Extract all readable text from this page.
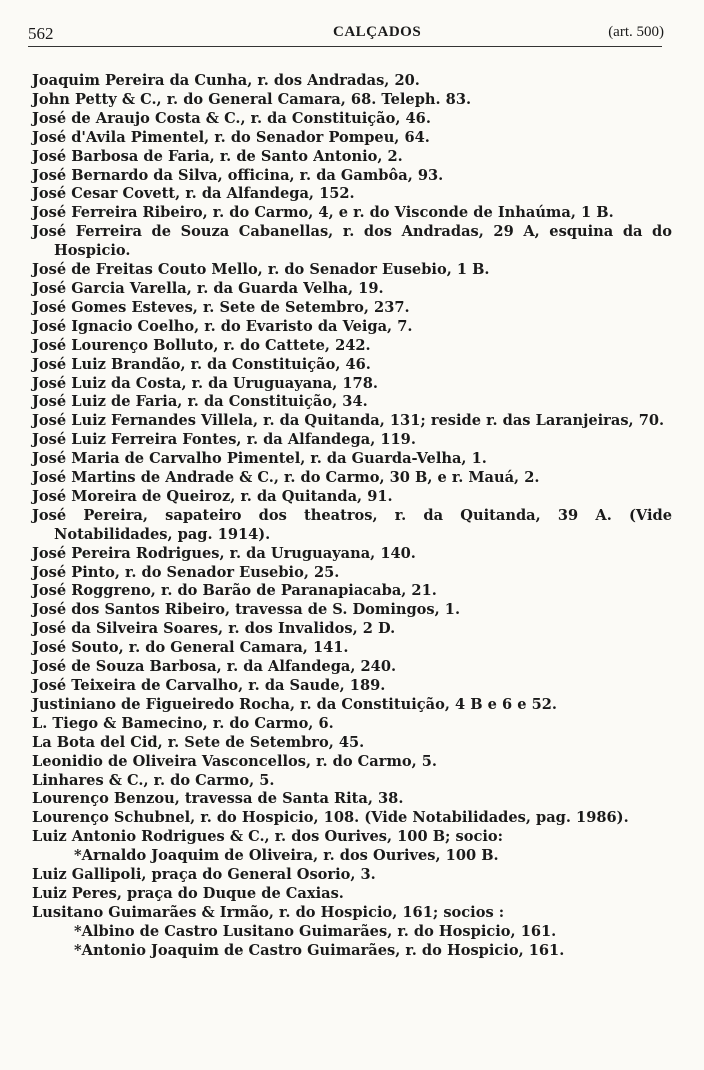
562	CALÇADOS	(art. 500)

Joaquim Pereira da Cunha, r. dos Andradas, 20.

John Petty & C., r. do General Camara, 68. Teleph. 83.

José de Araujo Costa & C., r. da Constituição, 46.

José d'Avila Pimentel, r. do Senador Pompeu, 64.

José Barbosa de Faria, r. de Santo Antonio, 2.

José Bernardo da Silva, officina, r. da Gambôa, 93.

José Cesar Covett, r. da Alfandega, 152.

José Ferreira Ribeiro, r. do Carmo, 4, e r. do Visconde de Inhaúma, 1 B.

José Ferreira de Souza Cabanellas, r. dos Andradas, 29 A, esquina da do Hospicio.

José de Freitas Couto Mello, r. do Senador Eusebio, 1 B.

José Garcia Varella, r. da Guarda Velha, 19.

José Gomes Esteves, r. Sete de Setembro, 237.

José Ignacio Coelho, r. do Evaristo da Veiga, 7.

José Lourenço Bolluto, r. do Cattete, 242.

José Luiz Brandão, r. da Constituição, 46.

José Luiz da Costa, r. da Uruguayana, 178.

José Luiz de Faria, r. da Constituição, 34.

José Luiz Fernandes Villela, r. da Quitanda, 131; reside r. das Laranjeiras, 70.

José Luiz Ferreira Fontes, r. da Alfandega, 119.

José Maria de Carvalho Pimentel, r. da Guarda-Velha, 1.

José Martins de Andrade & C., r. do Carmo, 30 B, e r. Mauá, 2.

José Moreira de Queiroz, r. da Quitanda, 91.

José Pereira, sapateiro dos theatros, r. da Quitanda, 39 A. (Vide Notabilidades, pag. 1914).

José Pereira Rodrigues, r. da Uruguayana, 140.

José Pinto, r. do Senador Eusebio, 25.

José Roggreno, r. do Barão de Paranapiacaba, 21.

José dos Santos Ribeiro, travessa de S. Domingos, 1.

José da Silveira Soares, r. dos Invalidos, 2 D.

José Souto, r. do General Camara, 141.

José de Souza Barbosa, r. da Alfandega, 240.

José Teixeira de Carvalho, r. da Saude, 189.

Justiniano de Figueiredo Rocha, r. da Constituição, 4 B e 6 e 52.

L. Tiego & Bamecino, r. do Carmo, 6.

La Bota del Cid, r. Sete de Setembro, 45.

Leonidio de Oliveira Vasconcellos, r. do Carmo, 5.

Linhares & C., r. do Carmo, 5.

Lourenço Benzou, travessa de Santa Rita, 38.

Lourenço Schubnel, r. do Hospicio, 108. (Vide Notabilidades, pag. 1986).

Luiz Antonio Rodrigues & C., r. dos Ourives, 100 B; socio:

*Arnaldo Joaquim de Oliveira, r. dos Ourives, 100 B.

Luiz Gallipoli, praça do General Osorio, 3.

Luiz Peres, praça do Duque de Caxias.

Lusitano Guimarães & Irmão, r. do Hospicio, 161; socios :

*Albino de Castro Lusitano Guimarães, r. do Hospicio, 161.

*Antonio Joaquim de Castro Guimarães, r. do Hospicio, 161.
